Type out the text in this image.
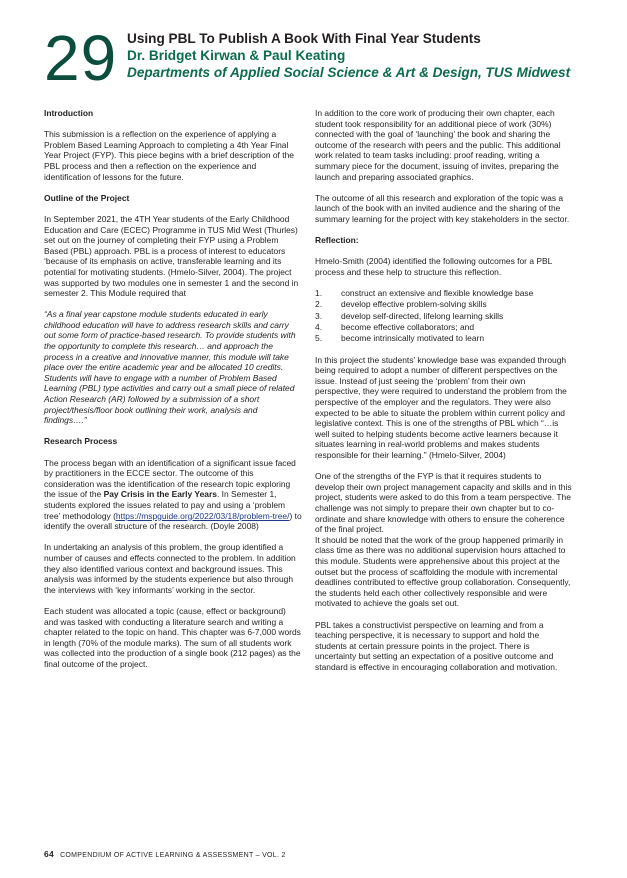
29 Using PBL To Publish A Book With Final Year Students
Dr. Bridget Kirwan & Paul Keating
Departments of Applied Social Science & Art & Design, TUS Midwest
Introduction

This submission is a reflection on the experience of applying a Problem Based Learning Approach to completing a 4th Year Final Year Project (FYP). This piece begins with a brief description of the PBL process and then a reflection on the experience and identification of lessons for the future.

Outline of the Project

In September 2021, the 4TH Year students of the Early Childhood Education and Care (ECEC) Programme in TUS Mid West (Thurles) set out on the journey of completing their FYP using a Problem Based (PBL) approach. PBL is a process of interest to educators ‘because of its emphasis on active, transferable learning and its potential for motivating students. (Hmelo-Silver, 2004). The project was supported by two modules one in semester 1 and the second in semester 2. This Module required that

“As a final year capstone module students educated in early childhood education will have to address research skills and carry out some form of practice-based research. To provide students with the opportunity to complete this research… and approach the process in a creative and innovative manner, this module will take place over the entire academic year and be allocated 10 credits. Students will have to engage with a number of Problem Based Learning (PBL) type activities and carry out a small piece of related Action Research (AR) followed by a submission of a short project/thesis/floor book outlining their work, analysis and findings….”

Research Process

The process began with an identification of a significant issue faced by practitioners in the ECCE sector. The outcome of this consideration was the identification of the research topic exploring the issue of the Pay Crisis in the Early Years. In Semester 1, students explored the issues related to pay and using a ‘problem tree’ methodology (https://mspguide.org/2022/03/18/problem-tree/) to identify the overall structure of the research. (Doyle 2008)

In undertaking an analysis of this problem, the group identified a number of causes and effects connected to the problem. In addition they also identified various context and background issues. This analysis was informed by the students experience but also through the interviews with ‘key informants’ working in the sector.

Each student was allocated a topic (cause, effect or background) and was tasked with conducting a literature search and writing a chapter related to the topic on hand. This chapter was 6-7,000 words in length (70% of the module marks). The sum of all students work was collected into the production of a single book (212 pages) as the final outcome of the project.

In addition to the core work of producing their own chapter, each student took responsibility for an additional piece of work (30%) connected with the goal of ‘launching’ the book and sharing the outcome of the research with peers and the public. This additional work related to team tasks including: proof reading, writing a summary piece for the document, issuing of invites, preparing the launch and preparing associated graphics.

The outcome of all this research and exploration of the topic was a launch of the book with an invited audience and the sharing of the summary learning for the project with key stakeholders in the sector.

Reflection:

Hmelo-Smith (2004) identified the following outcomes for a PBL process and these help to structure this reflection.

1.	construct an extensive and flexible knowledge base
2.	develop effective problem-solving skills
3.	develop self-directed, lifelong learning skills
4.	become effective collaborators; and
5.	become intrinsically motivated to learn

In this project the students’ knowledge base was expanded through being required to adopt a number of different perspectives on the issue. Instead of just seeing the ‘problem’ from their own perspective, they were required to understand the problem from the perspective of the employer and the regulators. They were also expected to be able to situate the problem within current policy and legislative context. This is one of the strengths of PBL which “…is well suited to helping students become active learners because it situates learning in real-world problems and makes students responsible for their learning.” (Hmelo-Silver, 2004)

One of the strengths of the FYP is that it requires students to develop their own project management capacity and skills and in this project, students were asked to do this from a team perspective. The challenge was not simply to prepare their own chapter but to co-ordinate and share knowledge with others to ensure the coherence of the final project.

It should be noted that the work of the group happened primarily in class time as there was no additional supervision hours attached to this module. Students were apprehensive about this project at the outset but the process of scaffolding the module with incremental deadlines contributed to effective group collaboration. Consequently, the students held each other collectively responsible and were motivated to achieve the goals set out.

PBL takes a constructivist perspective on learning and from a teaching perspective, it is necessary to support and hold the students at certain pressure points in the project. There is uncertainty but setting an expectation of a positive outcome and standard is effective in encouraging collaboration and motivation.

64 COMPENDIUM OF ACTIVE LEARNING & ASSESSMENT – VOL. 2
